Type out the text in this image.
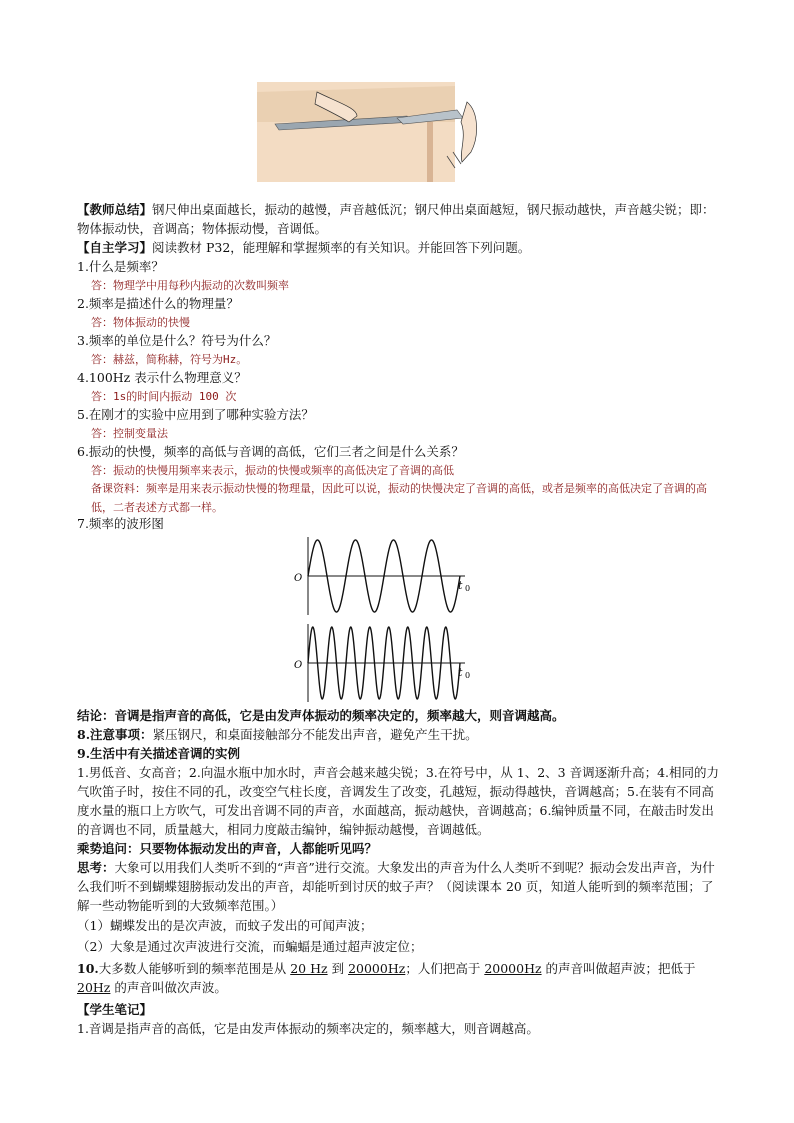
【教师总结】钢尺伸出桌面越长，振动的越慢，声音越低沉；钢尺伸出桌面越短，钢尺振动越快，声音越尖锐；即：物体振动快，音调高；物体振动慢，音调低。
【自主学习】阅读教材 P32，能理解和掌握频率的有关知识。并能回答下列问题。
1.什么是频率？
答：物理学中用每秒内振动的次数叫频率
2.频率是描述什么的物理量？
答：物体振动的快慢
3.频率的单位是什么？符号为什么？
答：赫兹，简称赫，符号为Hz。
4.100Hz 表示什么物理意义？
答：1s的时间内振动 100 次
5.在刚才的实验中应用到了哪种实验方法？
答：控制变量法
6.振动的快慢，频率的高低与音调的高低，它们三者之间是什么关系？
答：振动的快慢用频率来表示，振动的快慢或频率的高低决定了音调的高低
备课资料：频率是用来表示振动快慢的物理量，因此可以说，振动的快慢决定了音调的高低，或者是频率的高低决定了音调的高低，二者表述方式都一样。
7.频率的波形图
O
t 0
O
t 0
结论：音调是指声音的高低，它是由发声体振动的频率决定的，频率越大，则音调越高。
8.注意事项：紧压钢尺，和桌面接触部分不能发出声音，避免产生干扰。
9.生活中有关描述音调的实例
1.男低音、女高音；2.向温水瓶中加水时，声音会越来越尖锐；3.在符号中，从 1、2、3 音调逐渐升高；4.相同的力气吹笛子时，按住不同的孔，改变空气柱长度，音调发生了改变，孔越短，振动得越快，音调越高；5.在装有不同高度水量的瓶口上方吹气，可发出音调不同的声音，水面越高，振动越快，音调越高；6.编钟质量不同，在敲击时发出的音调也不同，质量越大，相同力度敲击编钟，编钟振动越慢，音调越低。
乘势追问：只要物体振动发出的声音，人都能听见吗？
思考：大象可以用我们人类听不到的“声音”进行交流。大象发出的声音为什么人类听不到呢？振动会发出声音，为什么我们听不到蝴蝶翅膀振动发出的声音，却能听到讨厌的蚊子声？（阅读课本 20 页，知道人能听到的频率范围；了解一些动物能听到的大致频率范围。）
（1）蝴蝶发出的是次声波，而蚊子发出的可闻声波；
（2）大象是通过次声波进行交流，而蝙蝠是通过超声波定位；
10.大多数人能够听到的频率范围是从 20 Hz 到 20000Hz；人们把高于 20000Hz 的声音叫做超声波；把低于 20Hz 的声音叫做次声波。
【学生笔记】
1.音调是指声音的高低，它是由发声体振动的频率决定的，频率越大，则音调越高。
